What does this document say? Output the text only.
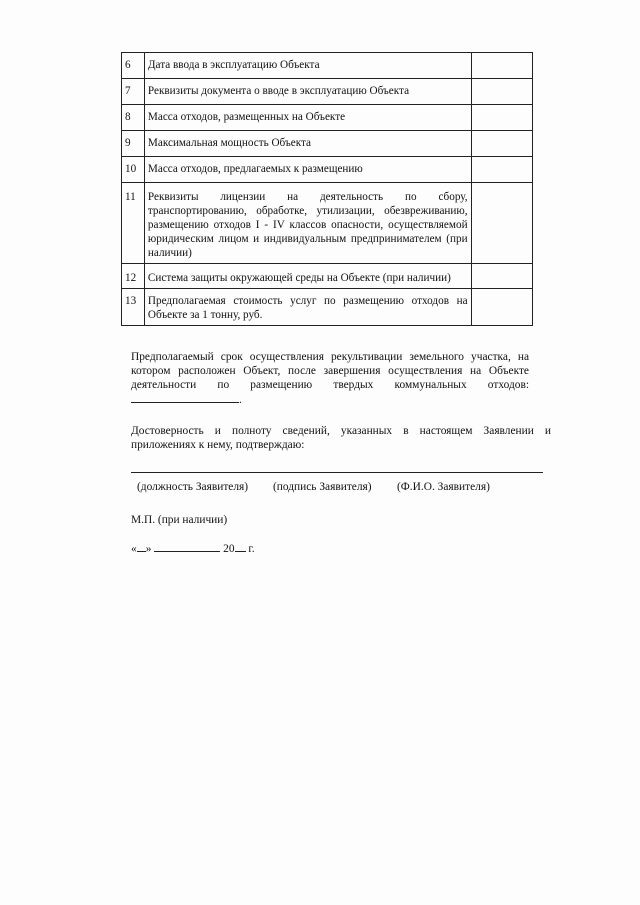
6	Дата ввода в эксплуатацию Объекта	
7	Реквизиты документа о вводе в эксплуатацию Объекта	
8	Масса отходов, размещенных на Объекте	
9	Максимальная мощность Объекта	
10	Масса отходов, предлагаемых к размещению	
11	Реквизиты лицензии на деятельность по сбору, транспортированию, обработке, утилизации, обезвреживанию, размещению отходов I - IV классов опасности, осуществляемой юридическим лицом и индивидуальным предпринимателем (при наличии)	
12	Система защиты окружающей среды на Объекте (при наличии)	
13	Предполагаемая стоимость услуг по размещению отходов на Объекте за 1 тонну, руб.	
Предполагаемый срок осуществления рекультивации земельного участка, на котором расположен Объект, после завершения осуществления на Объекте деятельности по размещению твердых коммунальных отходов:.
Достоверность и полноту сведений, указанных в настоящем Заявлении и приложениях к нему, подтверждаю:
(должность Заявителя) (подпись Заявителя) (Ф.И.О. Заявителя)
М.П. (при наличии)
« »	20 г.
